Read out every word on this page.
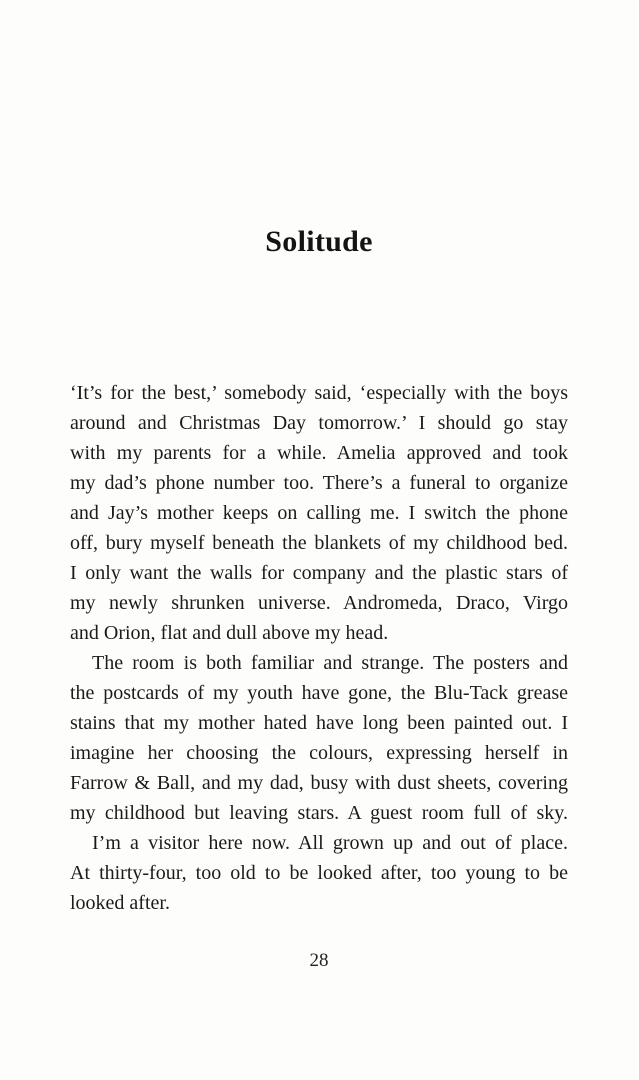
Solitude

‘It’s for the best,’ somebody said, ‘especially with the boys
around and Christmas Day tomorrow.’ I should go stay
with my parents for a while. Amelia approved and took
my dad’s phone number too. There’s a funeral to organize
and Jay’s mother keeps on calling me. I switch the phone
off, bury myself beneath the blankets of my childhood bed.
I only want the walls for company and the plastic stars of
my newly shrunken universe. Andromeda, Draco, Virgo
and Orion, flat and dull above my head.

The room is both familiar and strange. The posters and
the postcards of my youth have gone, the Blu-Tack grease
stains that my mother hated have long been painted out. I
imagine her choosing the colours, expressing herself in
Farrow & Ball, and my dad, busy with dust sheets, covering
my childhood but leaving stars. A guest room full of sky.

I’m a visitor here now. All grown up and out of place.
At thirty-four, too old to be looked after, too young to be
looked after.

28
